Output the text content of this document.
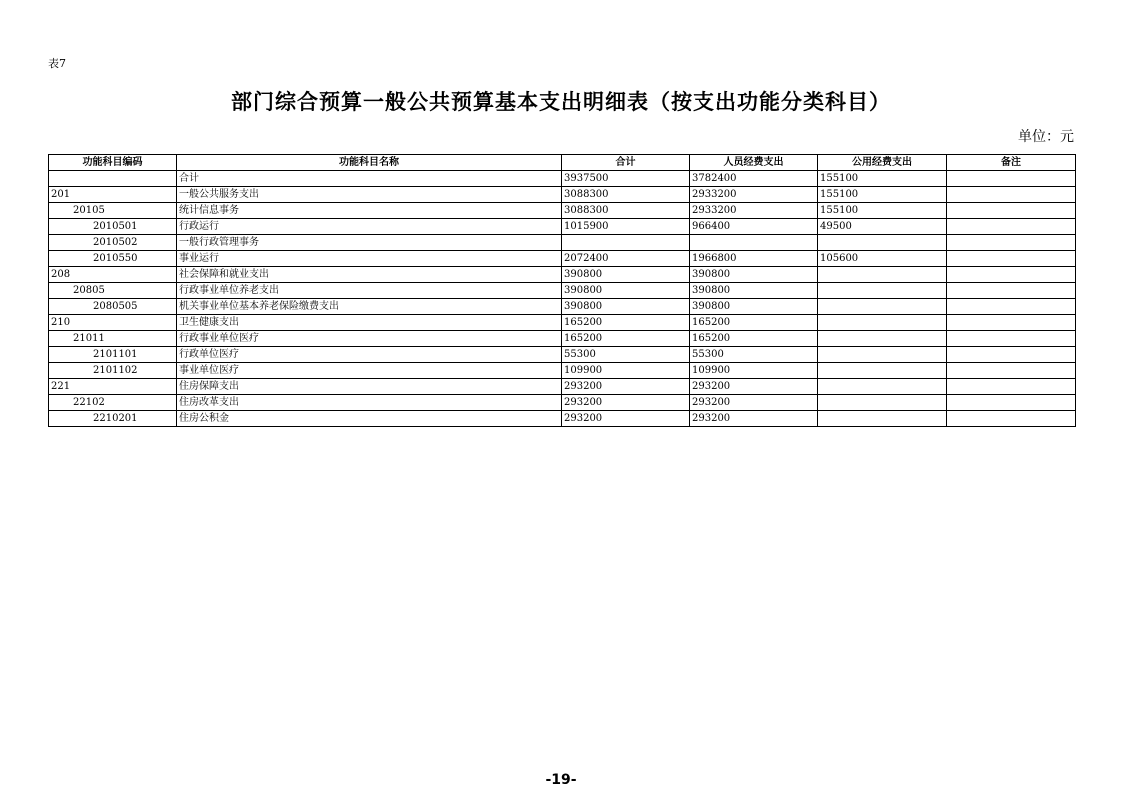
表7
部门综合预算一般公共预算基本支出明细表（按支出功能分类科目）
单位：元
功能科目编码	功能科目名称	合计	人员经费支出	公用经费支出	备注
	合计	3937500	3782400	155100	
201	一般公共服务支出	3088300	2933200	155100	
20105	统计信息事务	3088300	2933200	155100	
2010501	行政运行	1015900	966400	49500	
2010502	一般行政管理事务				
2010550	事业运行	2072400	1966800	105600	
208	社会保障和就业支出	390800	390800		
20805	行政事业单位养老支出	390800	390800		
2080505	机关事业单位基本养老保险缴费支出	390800	390800		
210	卫生健康支出	165200	165200		
21011	行政事业单位医疗	165200	165200		
2101101	行政单位医疗	55300	55300		
2101102	事业单位医疗	109900	109900		
221	住房保障支出	293200	293200		
22102	住房改革支出	293200	293200		
2210201	住房公积金	293200	293200		
-19-
